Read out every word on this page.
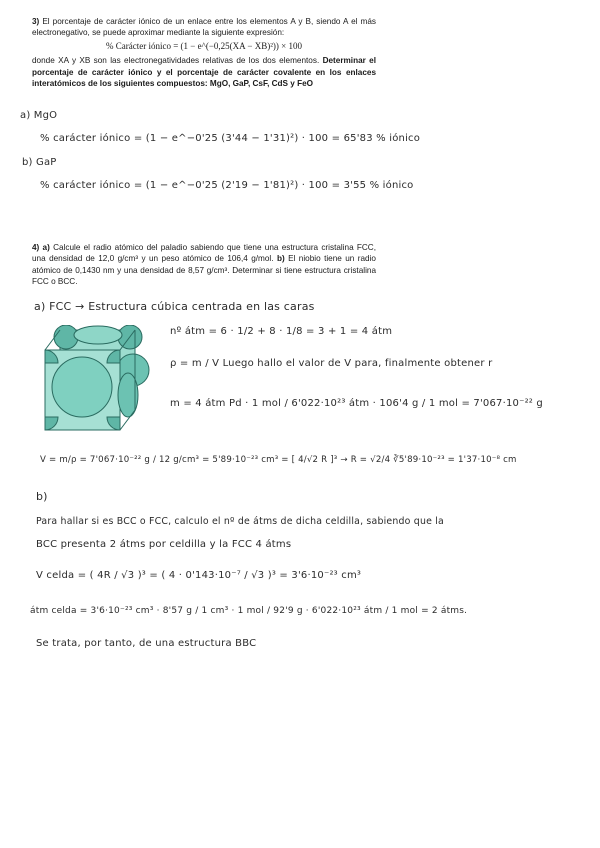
3) El porcentaje de carácter iónico de un enlace entre los elementos A y B, siendo A el más electronegativo, se puede aproximar mediante la siguiente expresión:
% Carácter iónico = (1 − e^(−0,25(XA − XB)²)) × 100
donde XA y XB son las electronegatividades relativas de los dos elementos. Determinar el porcentaje de carácter iónico y el porcentaje de carácter covalente en los enlaces interatómicos de los siguientes compuestos: MgO, GaP, CsF, CdS y FeO
a) MgO
% carácter iónico = (1 − e^−0'25 (3'44 − 1'31)²) · 100 = 65'83 % iónico
b) GaP
% carácter iónico = (1 − e^−0'25 (2'19 − 1'81)²) · 100 = 3'55 % iónico
4) a) Calcule el radio atómico del paladio sabiendo que tiene una estructura cristalina FCC, una densidad de 12,0 g/cm³ y un peso atómico de 106,4 g/mol. b) El niobio tiene un radio atómico de 0,1430 nm y una densidad de 8,57 g/cm³. Determinar si tiene estructura cristalina FCC o BCC.
a) FCC → Estructura cúbica centrada en las caras
nº átm = 6 · 1/2 + 8 · 1/8 = 3 + 1 = 4 átm
ρ = m / V Luego hallo el valor de V para, finalmente obtener r
m = 4 átm Pd · 1 mol / 6'022·10²³ átm · 106'4 g / 1 mol = 7'067·10⁻²² g
V = m/ρ = 7'067·10⁻²² g / 12 g/cm³ = 5'89·10⁻²³ cm³ = [ 4/√2 R ]³ → R = √2/4 ∛5'89·10⁻²³ = 1'37·10⁻⁸ cm
b)
Para hallar si es BCC o FCC, calculo el nº de átms de dicha celdilla, sabiendo que la
BCC presenta 2 átms por celdilla y la FCC 4 átms
V celda = ( 4R / √3 )³ = ( 4 · 0'143·10⁻⁷ / √3 )³ = 3'6·10⁻²³ cm³
átm celda = 3'6·10⁻²³ cm³ · 8'57 g / 1 cm³ · 1 mol / 92'9 g · 6'022·10²³ átm / 1 mol = 2 átms.
Se trata, por tanto, de una estructura BBC
